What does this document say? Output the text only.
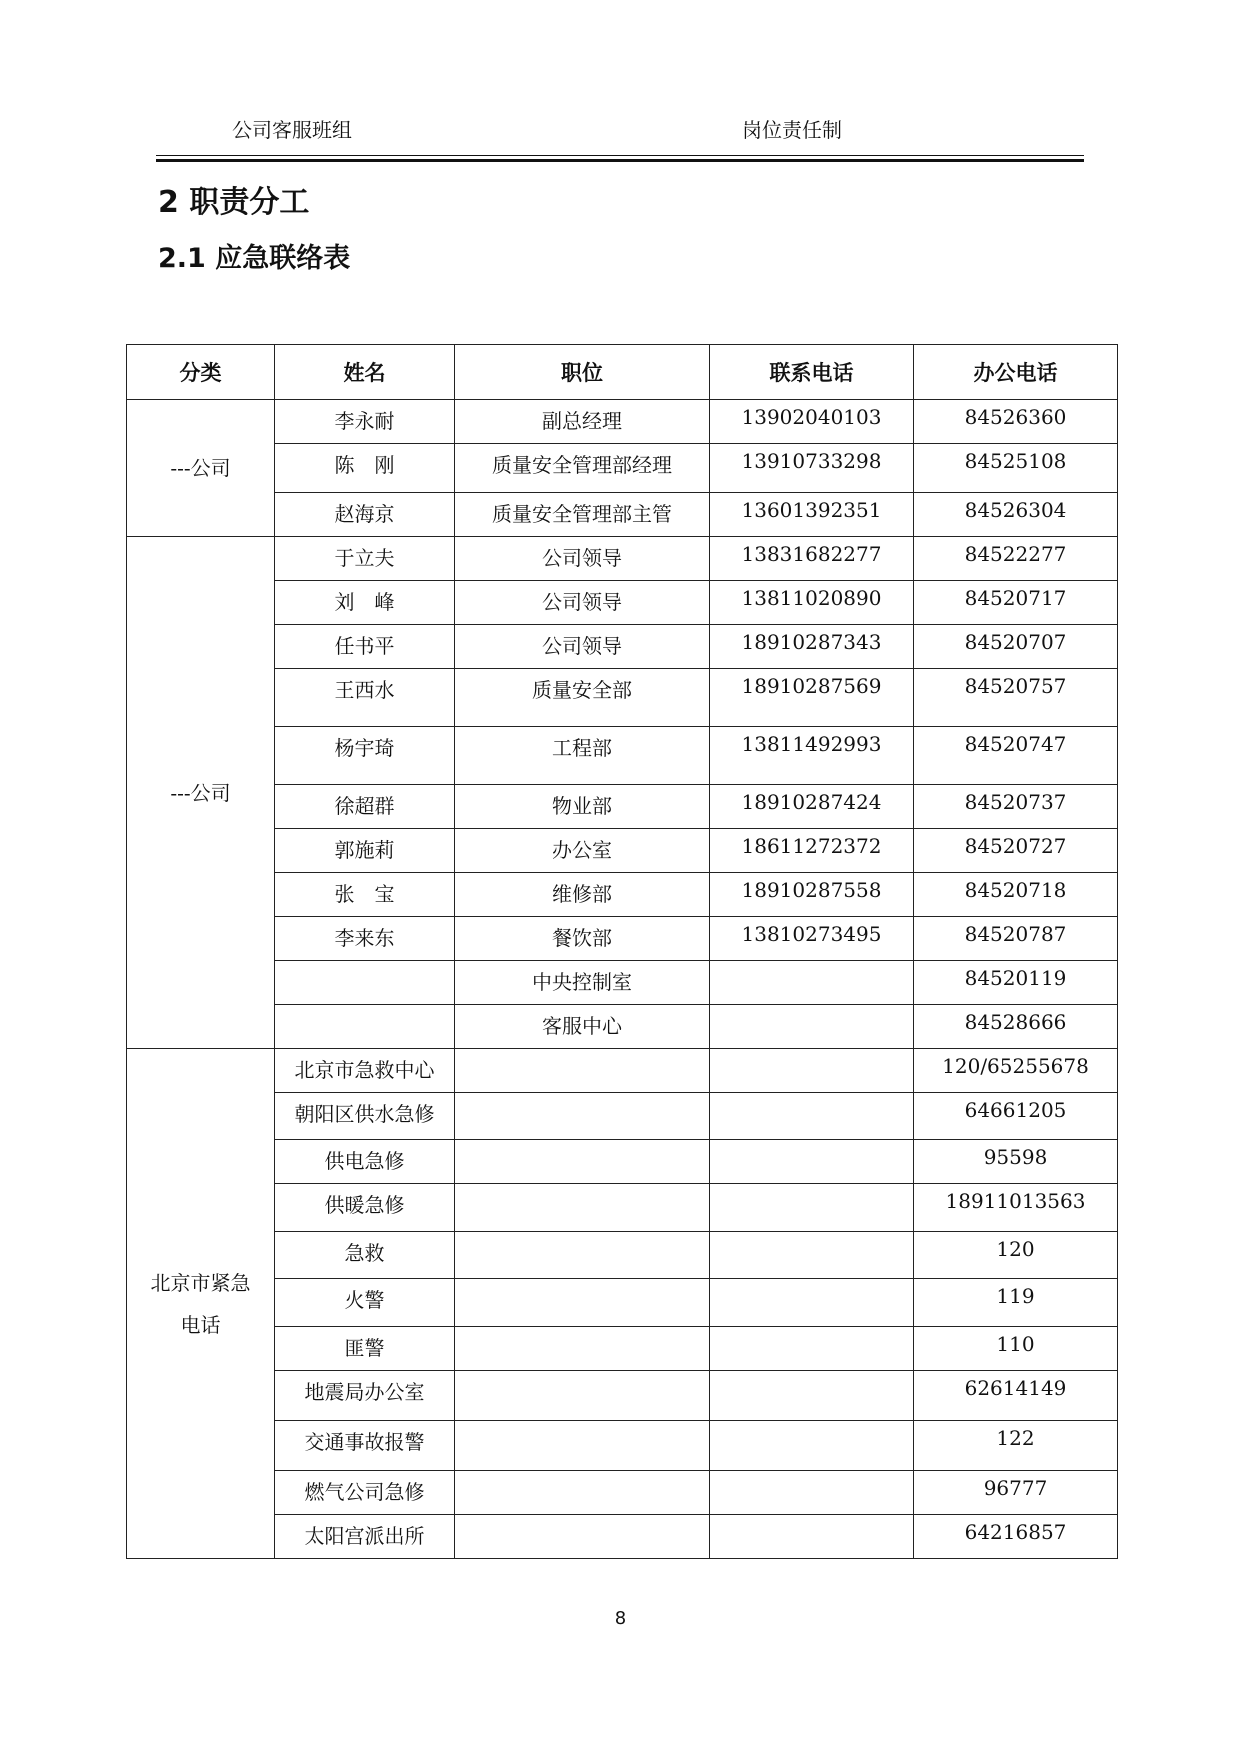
公司客服班组	岗位责任制
2 职责分工
2.1 应急联络表
分类	姓名	职位	联系电话	办公电话
---公司	李永耐	副总经理	13902040103	84526360
	陈　刚	质量安全管理部经理	13910733298	84525108
	赵海京	质量安全管理部主管	13601392351	84526304
---公司	于立夫	公司领导	13831682277	84522277
	刘　峰	公司领导	13811020890	84520717
	任书平	公司领导	18910287343	84520707
	王西水	质量安全部	18910287569	84520757
	杨宇琦	工程部	13811492993	84520747
	徐超群	物业部	18910287424	84520737
	郭施莉	办公室	18611272372	84520727
	张　宝	维修部	18910287558	84520718
	李来东	餐饮部	13810273495	84520787
		中央控制室		84520119
		客服中心		84528666
北京市紧急电话	北京市急救中心			120/65255678
	朝阳区供水急修			64661205
	供电急修			95598
	供暖急修			18911013563
	急救			120
	火警			119
	匪警			110
	地震局办公室			62614149
	交通事故报警			122
	燃气公司急修			96777
	太阳宫派出所			64216857
8
